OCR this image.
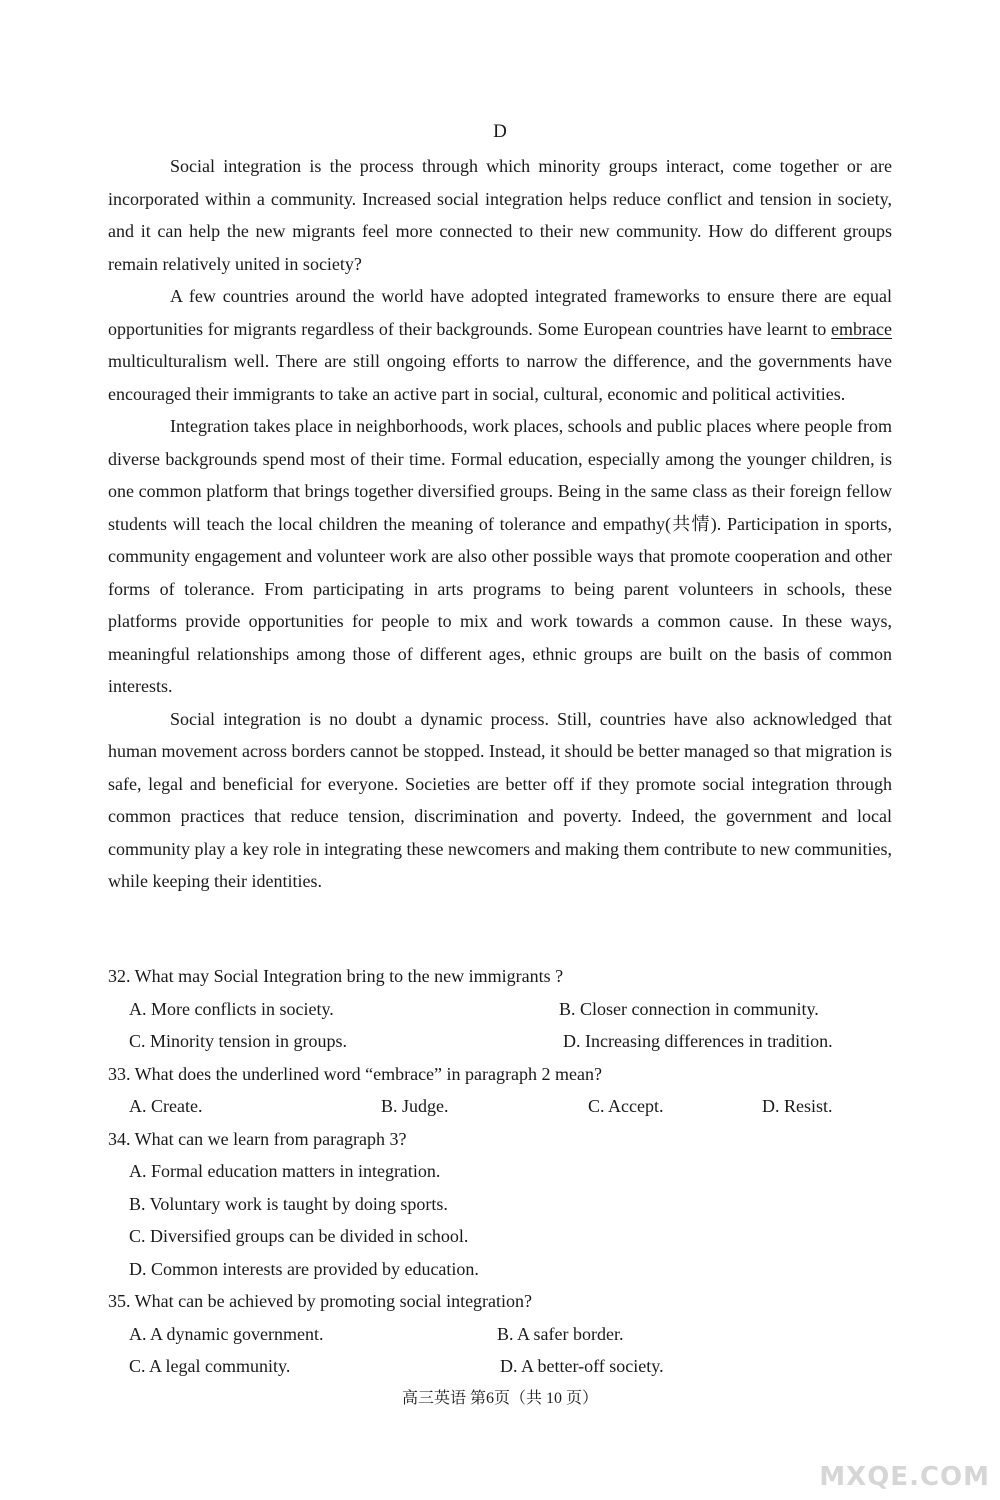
D

Social integration is the process through which minority groups interact, come together or are incorporated within a community. Increased social integration helps reduce conflict and tension in society, and it can help the new migrants feel more connected to their new community. How do different groups remain relatively united in society?

A few countries around the world have adopted integrated frameworks to ensure there are equal opportunities for migrants regardless of their backgrounds. Some European countries have learnt to embrace multiculturalism well. There are still ongoing efforts to narrow the difference, and the governments have encouraged their immigrants to take an active part in social, cultural, economic and political activities.

Integration takes place in neighborhoods, work places, schools and public places where people from diverse backgrounds spend most of their time. Formal education, especially among the younger children, is one common platform that brings together diversified groups. Being in the same class as their foreign fellow students will teach the local children the meaning of tolerance and empathy(共情). Participation in sports, community engagement and volunteer work are also other possible ways that promote cooperation and other forms of tolerance. From participating in arts programs to being parent volunteers in schools, these platforms provide opportunities for people to mix and work towards a common cause. In these ways, meaningful relationships among those of different ages, ethnic groups are built on the basis of common interests.

Social integration is no doubt a dynamic process. Still, countries have also acknowledged that human movement across borders cannot be stopped. Instead, it should be better managed so that migration is safe, legal and beneficial for everyone. Societies are better off if they promote social integration through common practices that reduce tension, discrimination and poverty. Indeed, the government and local community play a key role in integrating these newcomers and making them contribute to new communities, while keeping their identities.

32. What may Social Integration bring to the new immigrants ?
A. More conflicts in society.	B. Closer connection in community.
C. Minority tension in groups.	D. Increasing differences in tradition.
33. What does the underlined word “embrace” in paragraph 2 mean?
A. Create.	B. Judge.	C. Accept.	D. Resist.
34. What can we learn from paragraph 3?
A. Formal education matters in integration.
B. Voluntary work is taught by doing sports.
C. Diversified groups can be divided in school.
D. Common interests are provided by education.
35. What can be achieved by promoting social integration?
A. A dynamic government.	B. A safer border.
C. A legal community.	D. A better-off society.
高三英语 第6页（共 10 页）
MXQE.COM
